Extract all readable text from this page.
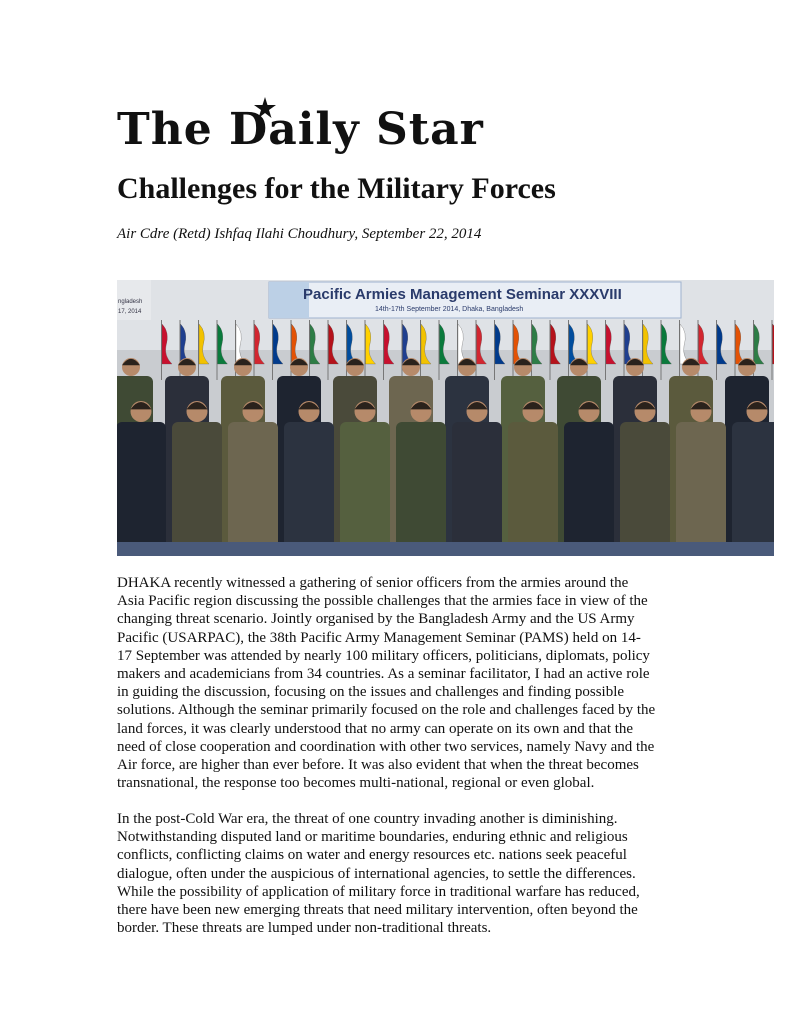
The Daily Star
Challenges for the Military Forces

Air Cdre (Retd) Ishfaq Ilahi Choudhury, September 22, 2014

Pacific Armies Management Seminar XXXVIII
14th-17th September 2014, Dhaka, Bangladesh
ngladesh
17, 2014
DHAKA recently witnessed a gathering of senior officers from the armies around the
Asia Pacific region discussing the possible challenges that the armies face in view of the
changing threat scenario. Jointly organised by the Bangladesh Army and the US Army
Pacific (USARPAC), the 38th Pacific Army Management Seminar (PAMS) held on 14-
17 September was attended by nearly 100 military officers, politicians, diplomats, policy
makers and academicians from 34 countries. As a seminar facilitator, I had an active role
in guiding the discussion, focusing on the issues and challenges and finding possible
solutions. Although the seminar primarily focused on the role and challenges faced by the
land forces, it was clearly understood that no army can operate on its own and that the
need of close cooperation and coordination with other two services, namely Navy and the
Air force, are higher than ever before. It was also evident that when the threat becomes
transnational, the response too becomes multi-national, regional or even global.
In the post-Cold War era, the threat of one country invading another is diminishing.
Notwithstanding disputed land or maritime boundaries, enduring ethnic and religious
conflicts, conflicting claims on water and energy resources etc. nations seek peaceful
dialogue, often under the auspicious of international agencies, to settle the differences.
While the possibility of application of military force in traditional warfare has reduced,
there have been new emerging threats that need military intervention, often beyond the
border. These threats are lumped under non-traditional threats.
